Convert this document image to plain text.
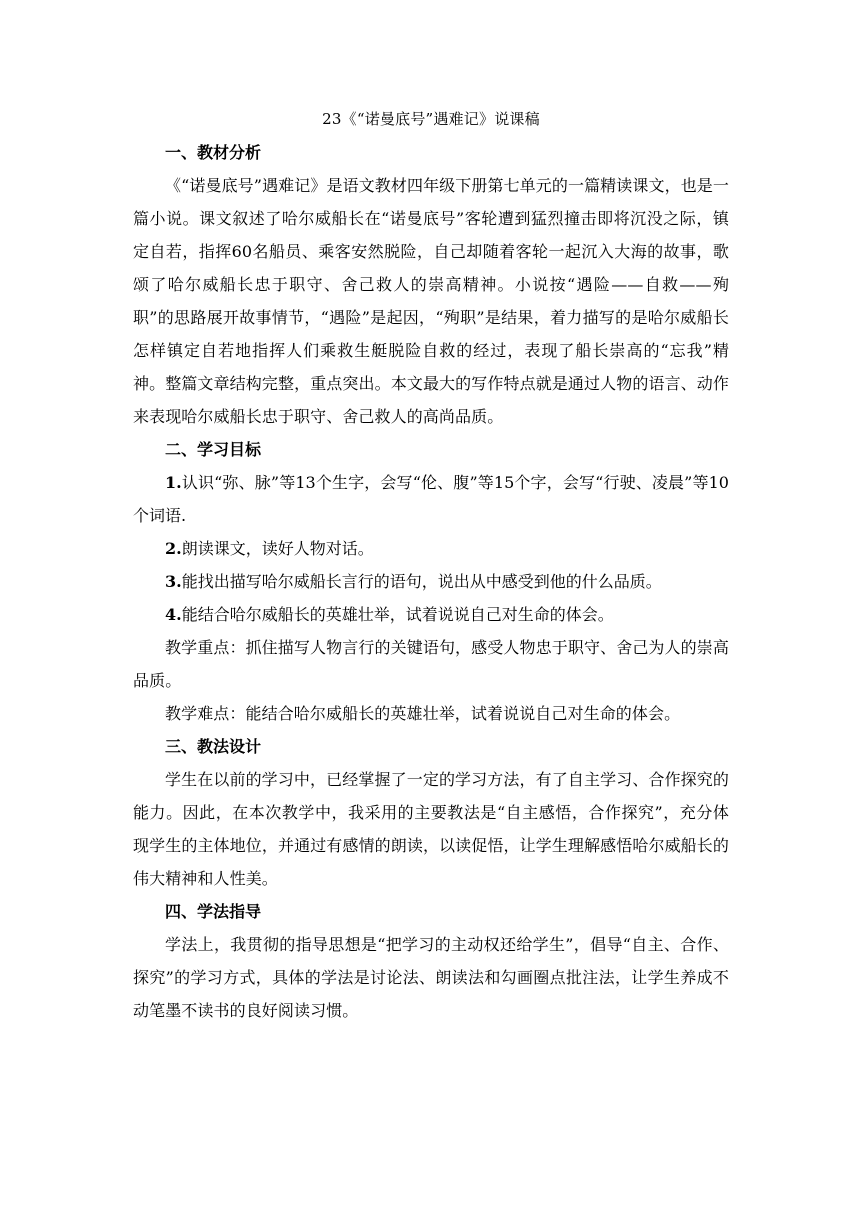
23《“诺曼底号”遇难记》说课稿

一、教材分析

《“诺曼底号”遇难记》是语文教材四年级下册第七单元的一篇精读课文，也是一篇小说。课文叙述了哈尔威船长在“诺曼底号”客轮遭到猛烈撞击即将沉没之际，镇定自若，指挥60名船员、乘客安然脱险，自己却随着客轮一起沉入大海的故事，歌颂了哈尔威船长忠于职守、舍己救人的崇高精神。小说按“遇险——自救——殉职”的思路展开故事情节，“遇险”是起因，“殉职”是结果，着力描写的是哈尔威船长怎样镇定自若地指挥人们乘救生艇脱险自救的经过，表现了船长崇高的“忘我”精神。整篇文章结构完整，重点突出。本文最大的写作特点就是通过人物的语言、动作来表现哈尔威船长忠于职守、舍己救人的高尚品质。

二、学习目标

1.认识“弥、脉”等13个生字，会写“伦、腹”等15个字，会写“行驶、凌晨”等10个词语.

2.朗读课文，读好人物对话。

3.能找出描写哈尔威船长言行的语句，说出从中感受到他的什么品质。

4.能结合哈尔威船长的英雄壮举，试着说说自己对生命的体会。

教学重点：抓住描写人物言行的关键语句，感受人物忠于职守、舍己为人的崇高品质。

教学难点：能结合哈尔威船长的英雄壮举，试着说说自己对生命的体会。

三、教法设计

学生在以前的学习中，已经掌握了一定的学习方法，有了自主学习、合作探究的能力。因此，在本次教学中，我采用的主要教法是“自主感悟，合作探究”，充分体现学生的主体地位，并通过有感情的朗读，以读促悟，让学生理解感悟哈尔威船长的伟大精神和人性美。

四、学法指导

学法上，我贯彻的指导思想是“把学习的主动权还给学生”，倡导“自主、合作、探究”的学习方式，具体的学法是讨论法、朗读法和勾画圈点批注法，让学生养成不动笔墨不读书的良好阅读习惯。
